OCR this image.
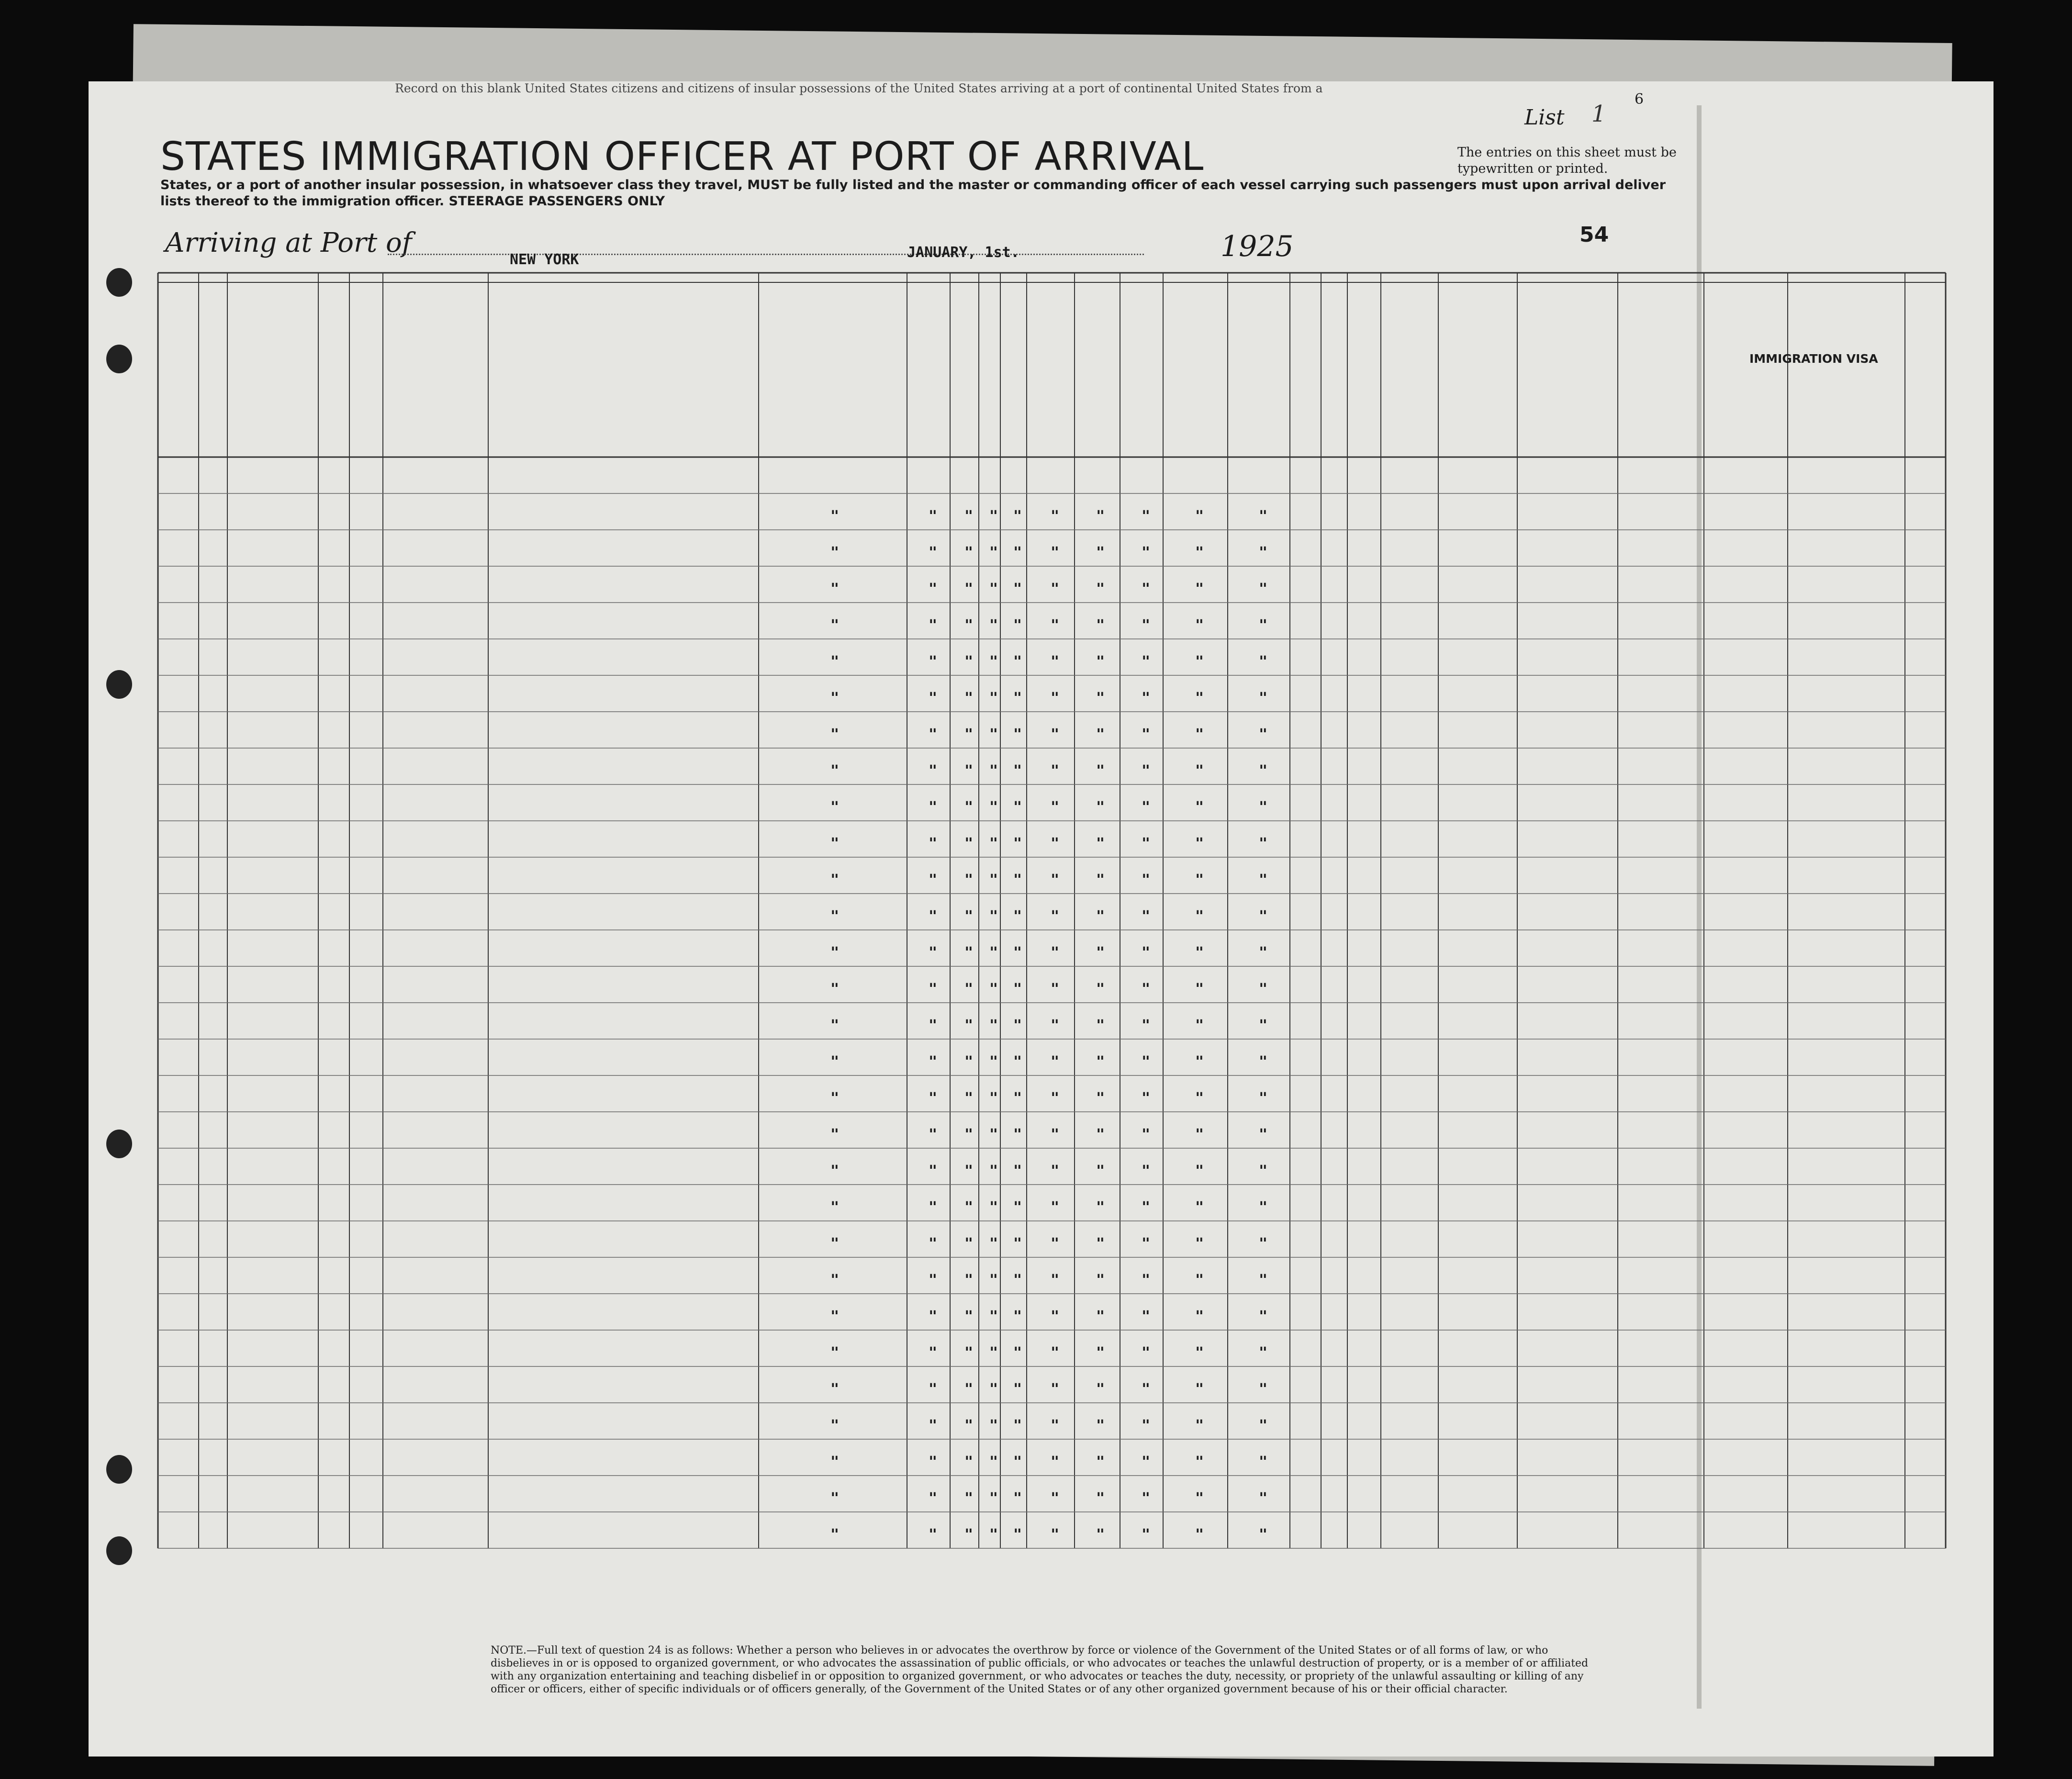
Record on this blank United States citizens and citizens of insular possessions of the United States arriving at a port of continental United States from a
6
STATES IMMIGRATION OFFICER AT PORT OF ARRIVAL
List 1
The entries on this sheet must be typewritten or printed.
States, or a port of another insular possession, in whatsoever class they travel, MUST be fully listed and the master or commanding officer of each vessel carrying such passengers must upon arrival deliver lists thereof to the immigration officer. STEERAGE PASSENGERS ONLY
Arriving at Port of
NEW YORK	JANUARY, 1st.	1925	54
IMMIGRATION VISA
"	" " " " "	"	"	"	"
"	" " " " "	"	"	"	"
"	" " " " "	"	"	"	"
"	" " " " "	"	"	"	"
"	" " " " "	"	"	"	"
"	" " " " "	"	"	"	"
"	" " " " "	"	"	"	"
"	" " " " "	"	"	"	"
"	" " " " "	"	"	"	"
"	" " " " "	"	"	"	"
"	" " " " "	"	"	"	"
"	" " " " "	"	"	"	"
"	" " " " "	"	"	"	"
"	" " " " "	"	"	"	"
"	" " " " "	"	"	"	"
"	" " " " "	"	"	"	"
"	" " " " "	"	"	"	"
"	" " " " "	"	"	"	"
"	" " " " "	"	"	"	"
"	" " " " "	"	"	"	"
"	" " " " "	"	"	"	"
"	" " " " "	"	"	"	"
"	" " " " "	"	"	"	"
"	" " " " "	"	"	"	"
"	" " " " "	"	"	"	"
"	" " " " "	"	"	"	"
"	" " " " "	"	"	"	"
"	" " " " "	"	"	"	"
"	" " " " "	"	"	"	"
NOTE.—Full text of question 24 is as follows: Whether a person who believes in or advocates the overthrow by force or violence of the Government of the United States or of all forms of law, or who disbelieves in or is opposed to organized government, or who advocates the assassination of public officials, or who advocates or teaches the unlawful destruction of property, or is a member of or affiliated with any organization entertaining and teaching disbelief in or opposition to organized government, or who advocates or teaches the duty, necessity, or propriety of the unlawful assaulting or killing of any officer or officers, either of specific individuals or of officers generally, of the Government of the United States or of any other organized government because of his or their official character.
